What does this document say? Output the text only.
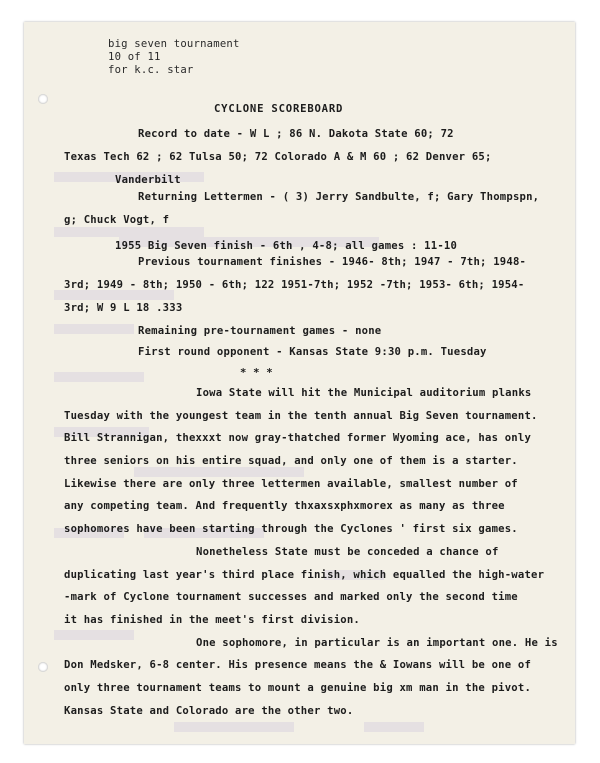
big seven tournament
10 of 11
for k.c. star
CYCLONE SCOREBOARD
Record to date - W L ; 86 N. Dakota State 60; 72
Texas Tech 62 ; 62 Tulsa 50; 72 Colorado A & M 60 ; 62 Denver 65;
Vanderbilt
Returning Lettermen - ( 3) Jerry Sandbulte, f; Gary Thompspn,
g; Chuck Vogt, f
1955 Big Seven finish - 6th , 4-8; all games : 11-10
Previous tournament finishes - 1946- 8th; 1947 - 7th; 1948-
3rd; 1949 - 8th; 1950 - 6th; 122 1951-7th; 1952 -7th; 1953- 6th; 1954-
3rd; W 9 L 18 .333
Remaining pre-tournament games - none
First round opponent - Kansas State 9:30 p.m. Tuesday
* * *
Iowa State will hit the Municipal auditorium planks
Tuesday with the youngest team in the tenth annual Big Seven tournament.
Bill Strannigan, thexxxt now gray-thatched former Wyoming ace, has only
three seniors on his entire squad, and only one of them is a starter.
Likewise there are only three lettermen available, smallest number of
any competing team. And frequently thxaxsxphxmorex as many as three
sophomores have been starting through the Cyclones ' first six games.
Nonetheless State must be conceded a chance of
duplicating last year's third place finish, which equalled the high-water
-mark of Cyclone tournament successes and marked only the second time
it has finished in the meet's first division.
One sophomore, in particular is an important one. He is
Don Medsker, 6-8 center. His presence means the & Iowans will be one of
only three tournament teams to mount a genuine big xm man in the pivot.
Kansas State and Colorado are the other two.
